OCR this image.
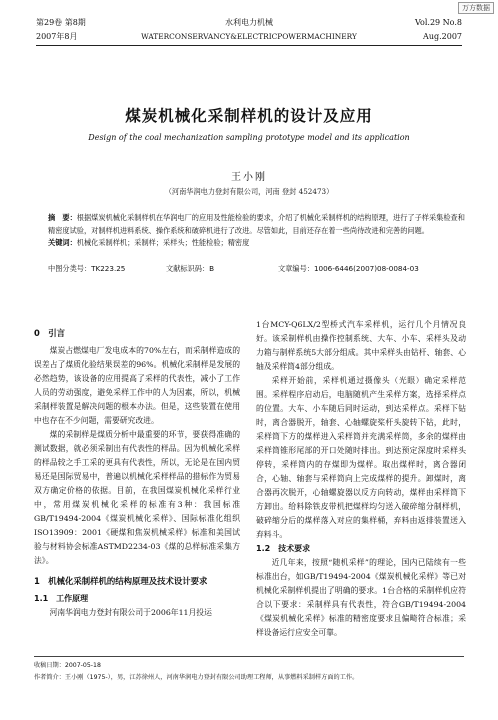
万方数据
第29卷 第8期	水利电力机械	Vol.29 No.8
2007年8月	WATERCONSERVANCY&ELECTRICPOWERMACHINERY	Aug.2007
煤炭机械化采制样机的设计及应用
Design of the coal mechanization sampling prototype model and its application
王小刚
（河南华润电力登封有限公司，河南 登封 452473）
摘　要：根据煤炭机械化采制样机在华润电厂的应用及性能检验的要求，介绍了机械化采制样机的结构原理，进行了子样采集检查和精密度试验，对制样机进料系统、操作系统和破碎机进行了改进。尽管如此，目前还存在着一些尚待改进和完善的问题。
关键词：机械化采制样机；采制样；采样头；性能检验；精密度
中图分类号：TK223.25	文献标识码：B	文章编号：1006-6446(2007)08-0084-03
0　引言

煤炭占燃煤电厂发电成本的70%左右，而采制样造成的误差占了煤质化验结果误差的96%。机械化采制样是发展的必然趋势，该设备的应用提高了采样的代表性，减小了工作人员的劳动强度，避免采样工作中的人为因素，所以，机械采制样装置是解决问题的根本办法。但是，这些装置在使用中也存在不少问题，需要研究改进。

煤的采制样是煤质分析中最重要的环节，要获得准确的测试数据，就必须采制出有代表性的样品。因为机械化采样的样品较之手工采的更具有代表性，所以，无论是在国内贸易还是国际贸易中，普遍以机械化采样样品的措标作为贸易双方确定价格的依据。目前，在我国煤炭机械化采样行业中，常用煤炭机械化采样的标准有3种：我国标准GB/T19494-2004《煤炭机械化采样》、国际标准化组织ISO13909：2001《硬煤和焦炭机械采样》标准和美国试验与材料协会标准ASTMD2234-03《煤的总样标准采集方法》。

1　机械化采制样机的结构原理及技术设计要求
1.1　工作原理

河南华润电力登封有限公司于2006年11月投运

1台MCY-Q6LX/2型桥式汽车采样机，运行几个月情况良好。该采制样机由操作控制系统、大车、小车、采样头及动力箱与制样系统5大部分组成。其中采样头由钻杆、轴套、心轴及采样筒4部分组成。

采样开始前，采样机通过摄像头（光眼）确定采样范围。采样程序启动后，电脑随机产生采样方案，选择采样点的位置。大车、小车随后同时运动，到达采样点。采样下钻时，离合器脱开，轴套、心轴螺旋桨杆头旋转下钻，此时，采样筒下方的煤样进入采样筒并充满采样筒，多余的煤样由采样筒锥形尾部的开口处随时排出。到达预定深度时采样头停转，采样筒内的存煤即为煤样。取出煤样时，离合器闭合，心轴、轴套与采样筒向上完成煤样的提升。卸煤时，离合器再次脱开，心轴螺旋器以反方向转动，煤样由采样筒下方卸出。给料除铁皮带机把煤样均匀送入破碎缩分制样机，破碎缩分后的煤样落入对应的集样桶，弃料由返排装置送入弃料斗。

1.2　技术要求

近几年来，按照“随机采样”的理论，国内已陆续有一些标准出台，如GB/T19494-2004《煤炭机械化采样》等已对机械化采制样机提出了明确的要求。1台合格的采制样机应符合以下要求：采制样具有代表性，符合GB/T19494-2004《煤炭机械化采样》标准的精密度要求且偏畸符合标准；采样设备运行应安全可靠。

收稿日期：2007-05-18
作者简介：王小刚（1975-），男，江苏徐州人，河南华润电力登封有限公司助理工程师，从事燃料采制样方面的工作。
